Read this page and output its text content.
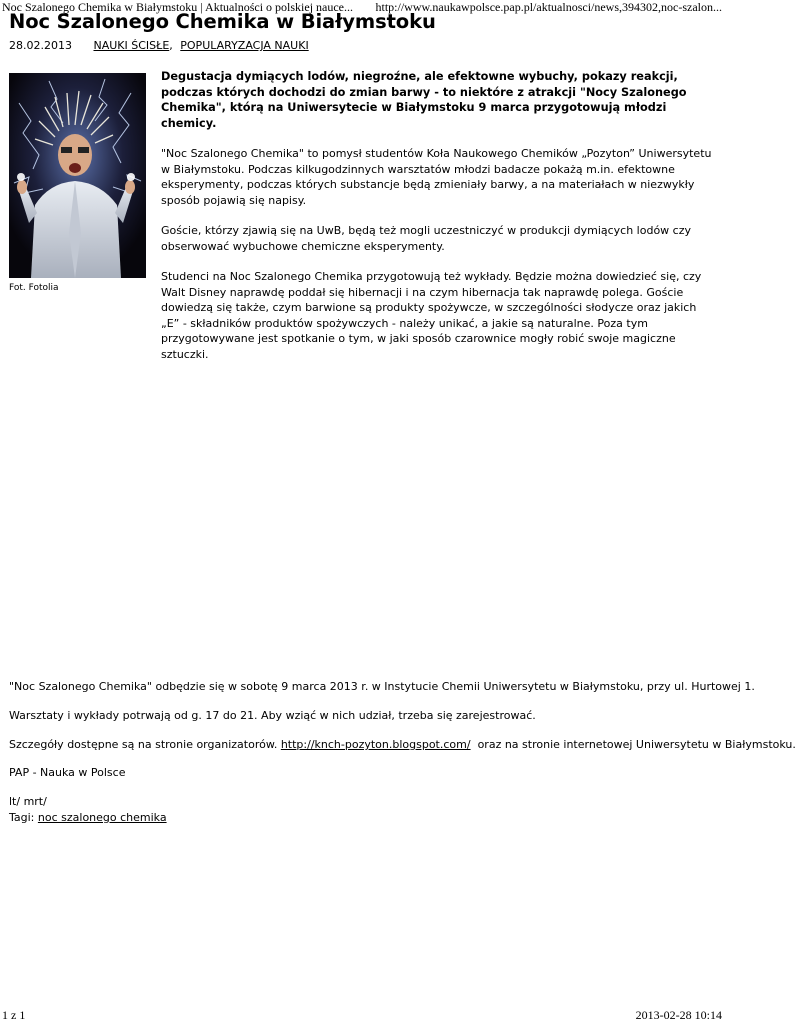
Noc Szalonego Chemika w Białymstoku | Aktualności o polskiej nauce... http://www.naukawpolsce.pap.pl/aktualnosci/news,394302,noc-szalon...
Noc Szalonego Chemika w Białymstoku
28.02.2013 NAUKI ŚCISŁE, POPULARYZACJA NAUKI
Fot. Fotolia

Degustacja dymiących lodów, niegroźne, ale efektowne wybuchy, pokazy reakcji, podczas których dochodzi do zmian barwy - to niektóre z atrakcji "Nocy Szalonego Chemika", którą na Uniwersytecie w Białymstoku 9 marca przygotowują młodzi chemicy.

"Noc Szalonego Chemika" to pomysł studentów Koła Naukowego Chemików „Pozyton” Uniwersytetu w Białymstoku. Podczas kilkugodzinnych warsztatów młodzi badacze pokażą m.in. efektowne eksperymenty, podczas których substancje będą zmieniały barwy, a na materiałach w niezwykły sposób pojawią się napisy.

Goście, którzy zjawią się na UwB, będą też mogli uczestniczyć w produkcji dymiących lodów czy obserwować wybuchowe chemiczne eksperymenty.

Studenci na Noc Szalonego Chemika przygotowują też wykłady. Będzie można dowiedzieć się, czy Walt Disney naprawdę poddał się hibernacji i na czym hibernacja tak naprawdę polega. Goście dowiedzą się także, czym barwione są produkty spożywcze, w szczególności słodycze oraz jakich „E” - składników produktów spożywczych - należy unikać, a jakie są naturalne. Poza tym przygotowywane jest spotkanie o tym, w jaki sposób czarownice mogły robić swoje magiczne sztuczki.

"Noc Szalonego Chemika" odbędzie się w sobotę 9 marca 2013 r. w Instytucie Chemii Uniwersytetu w Białymstoku, przy ul. Hurtowej 1.

Warsztaty i wykłady potrwają od g. 17 do 21. Aby wziąć w nich udział, trzeba się zarejestrować.

Szczegóły dostępne są na stronie organizatorów. http://knch-pozyton.blogspot.com/  oraz na stronie internetowej Uniwersytetu w Białymstoku.

PAP - Nauka w Polsce

lt/ mrt/

Tagi: noc szalonego chemika

1 z 1	2013-02-28 10:14
